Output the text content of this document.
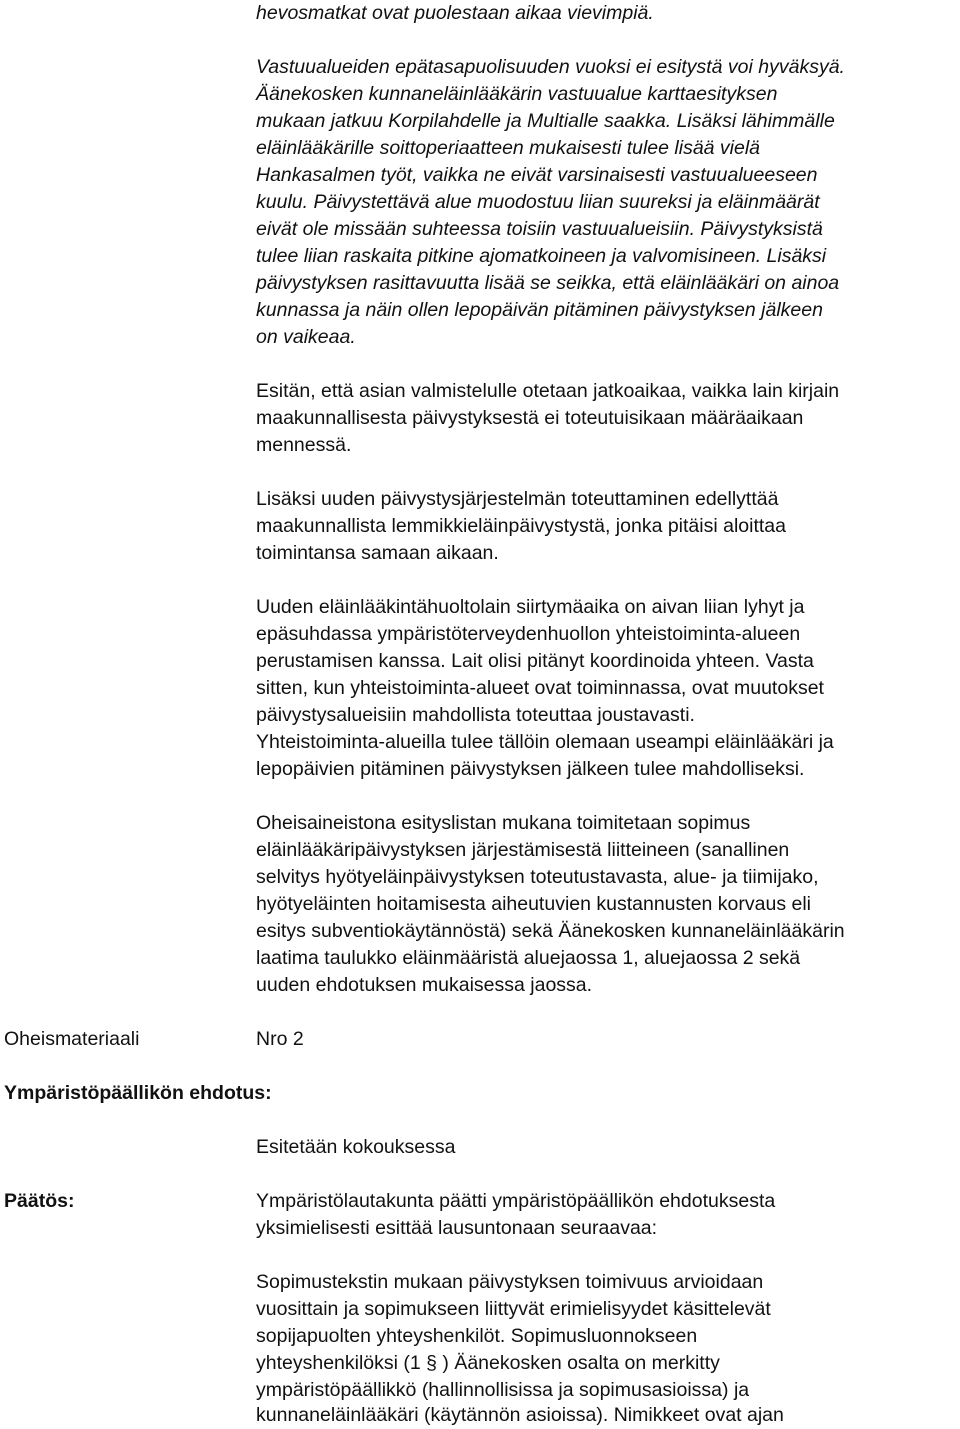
hevosmatkat ovat puolestaan aikaa vievimpiä.
Vastuualueiden epätasapuolisuuden vuoksi ei esitystä voi hyväksyä.
Äänekosken kunnaneläinlääkärin vastuualue karttaesityksen
mukaan jatkuu Korpilahdelle ja Multialle saakka. Lisäksi lähimmälle
eläinlääkärille soittoperiaatteen mukaisesti tulee lisää vielä
Hankasalmen työt, vaikka ne eivät varsinaisesti vastuualueeseen
kuulu. Päivystettävä alue muodostuu liian suureksi ja eläinmäärät
eivät ole missään suhteessa toisiin vastuualueisiin. Päivystyksistä
tulee liian raskaita pitkine ajomatkoineen ja valvomisineen. Lisäksi
päivystyksen rasittavuutta lisää se seikka, että eläinlääkäri on ainoa
kunnassa ja näin ollen lepopäivän pitäminen päivystyksen jälkeen
on vaikeaa.
Esitän, että asian valmistelulle otetaan jatkoaikaa, vaikka lain kirjain
maakunnallisesta päivystyksestä ei toteutuisikaan määräaikaan
mennessä.
Lisäksi uuden päivystysjärjestelmän toteuttaminen edellyttää
maakunnallista lemmikkieläinpäivystystä, jonka pitäisi aloittaa
toimintansa samaan aikaan.
Uuden eläinlääkintähuoltolain siirtymäaika on aivan liian lyhyt ja
epäsuhdassa ympäristöterveydenhuollon yhteistoiminta-alueen
perustamisen kanssa. Lait olisi pitänyt koordinoida yhteen. Vasta
sitten, kun yhteistoiminta-alueet ovat toiminnassa, ovat muutokset
päivystysalueisiin mahdollista toteuttaa joustavasti.
Yhteistoiminta-alueilla tulee tällöin olemaan useampi eläinlääkäri ja
lepopäivien pitäminen päivystyksen jälkeen tulee mahdolliseksi.
Oheisaineistona esityslistan mukana toimitetaan sopimus
eläinlääkäripäivystyksen järjestämisestä liitteineen (sanallinen
selvitys hyötyeläinpäivystyksen toteutustavasta, alue- ja tiimijako,
hyötyeläinten hoitamisesta aiheutuvien kustannusten korvaus eli
esitys subventiokäytännöstä) sekä Äänekosken kunnaneläinlääkärin
laatima taulukko eläinmääristä aluejaossa 1, aluejaossa 2 sekä
uuden ehdotuksen mukaisessa jaossa.
Oheismateriaali	Nro 2
Ympäristöpäällikön ehdotus:
Esitetään kokouksessa
Päätös:	Ympäristölautakunta päätti ympäristöpäällikön ehdotuksesta
yksimielisesti esittää lausuntonaan seuraavaa:
Sopimustekstin mukaan päivystyksen toimivuus arvioidaan
vuosittain ja sopimukseen liittyvät erimielisyydet käsittelevät
sopijapuolten yhteyshenkilöt. Sopimusluonnokseen
yhteyshenkilöksi (1 § ) Äänekosken osalta on merkitty
ympäristöpäällikkö (hallinnollisissa ja sopimusasioissa) ja
kunnaneläinlääkäri (käytännön asioissa). Nimikkeet ovat ajan
